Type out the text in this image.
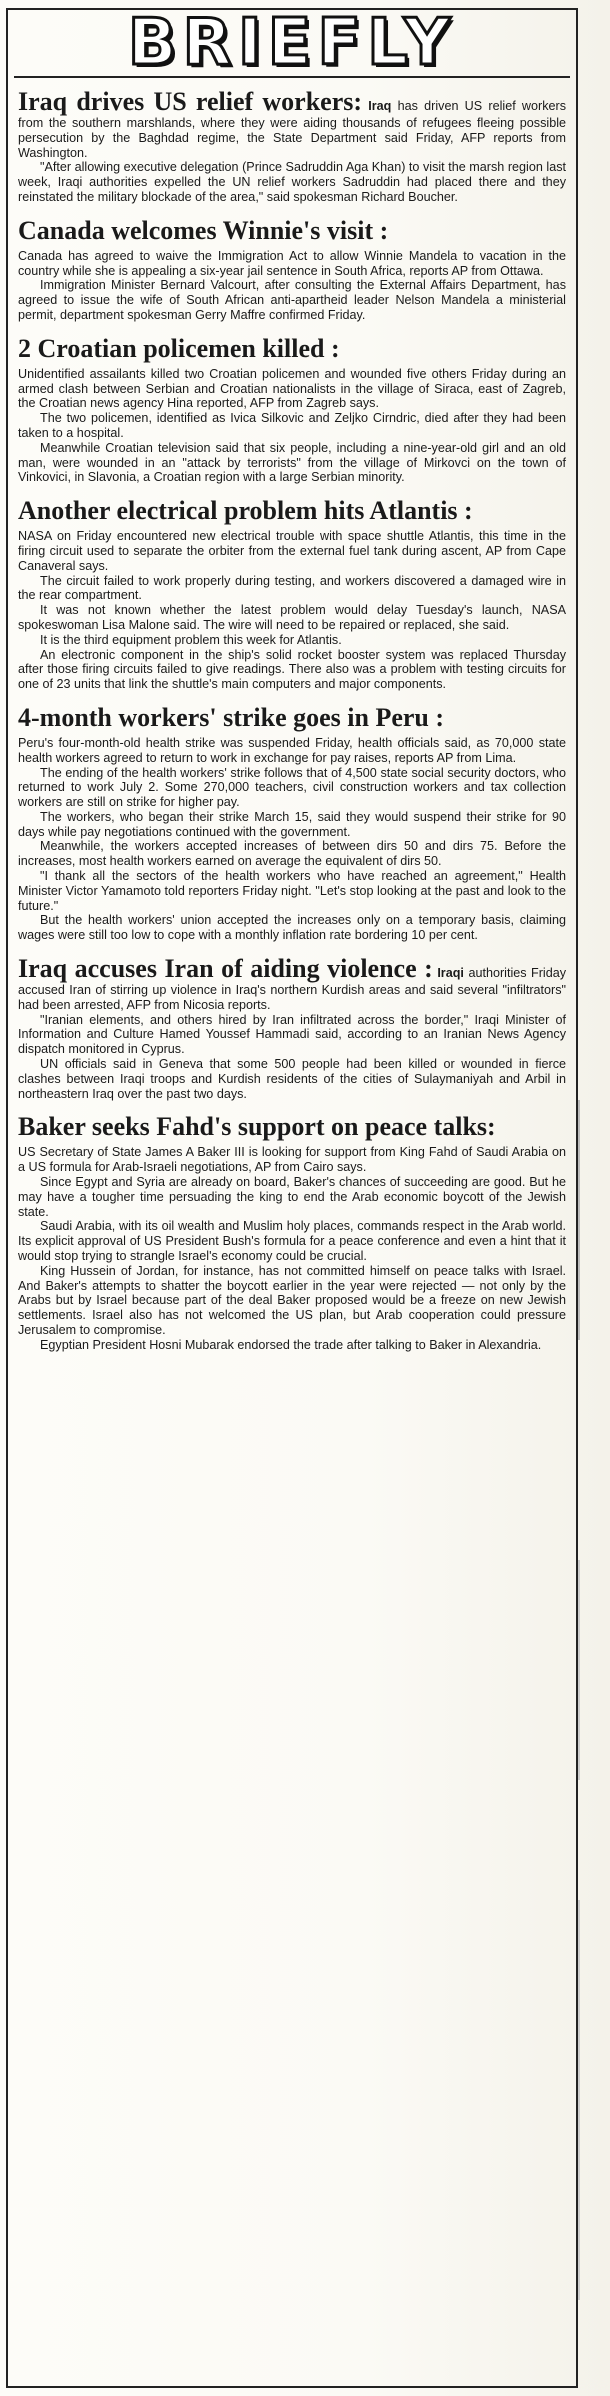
BRIEFLY

Iraq drives US relief workers: Iraq has driven US relief workers from the southern marshlands, where they were aiding thousands of refugees fleeing possible persecution by the Baghdad regime, the State Department said Friday, AFP reports from Washington.

"After allowing executive delegation (Prince Sadruddin Aga Khan) to visit the marsh region last week, Iraqi authorities expelled the UN relief workers Sadruddin had placed there and they reinstated the military blockade of the area," said spokesman Richard Boucher.

Canada welcomes Winnie's visit :

Canada has agreed to waive the Immigration Act to allow Winnie Mandela to vacation in the country while she is appealing a six-year jail sentence in South Africa, reports AP from Ottawa.

Immigration Minister Bernard Valcourt, after consulting the External Affairs Department, has agreed to issue the wife of South African anti-apartheid leader Nelson Mandela a ministerial permit, department spokesman Gerry Maffre confirmed Friday.

2 Croatian policemen killed :

Unidentified assailants killed two Croatian policemen and wounded five others Friday during an armed clash between Serbian and Croatian nationalists in the village of Siraca, east of Zagreb, the Croatian news agency Hina reported, AFP from Zagreb says.

The two policemen, identified as Ivica Silkovic and Zeljko Cirndric, died after they had been taken to a hospital.

Meanwhile Croatian television said that six people, including a nine-year-old girl and an old man, were wounded in an "attack by terrorists" from the village of Mirkovci on the town of Vinkovici, in Slavonia, a Croatian region with a large Serbian minority.

Another electrical problem hits Atlantis :

NASA on Friday encountered new electrical trouble with space shuttle Atlantis, this time in the firing circuit used to separate the orbiter from the external fuel tank during ascent, AP from Cape Canaveral says.

The circuit failed to work properly during testing, and workers discovered a damaged wire in the rear compartment.

It was not known whether the latest problem would delay Tuesday's launch, NASA spokeswoman Lisa Malone said. The wire will need to be repaired or replaced, she said.

It is the third equipment problem this week for Atlantis.

An electronic component in the ship's solid rocket booster system was replaced Thursday after those firing circuits failed to give readings. There also was a problem with testing circuits for one of 23 units that link the shuttle's main computers and major components.

4-month workers' strike goes in Peru :

Peru's four-month-old health strike was suspended Friday, health officials said, as 70,000 state health workers agreed to return to work in exchange for pay raises, reports AP from Lima.

The ending of the health workers' strike follows that of 4,500 state social security doctors, who returned to work July 2. Some 270,000 teachers, civil construction workers and tax collection workers are still on strike for higher pay.

The workers, who began their strike March 15, said they would suspend their strike for 90 days while pay negotiations continued with the government.

Meanwhile, the workers accepted increases of between dirs 50 and dirs 75. Before the increases, most health workers earned on average the equivalent of dirs 50.

"I thank all the sectors of the health workers who have reached an agreement," Health Minister Victor Yamamoto told reporters Friday night. "Let's stop looking at the past and look to the future."

But the health workers' union accepted the increases only on a temporary basis, claiming wages were still too low to cope with a monthly inflation rate bordering 10 per cent.

Iraq accuses Iran of aiding violence : Iraqi authorities Friday accused Iran of stirring up violence in Iraq's northern Kurdish areas and said several "infiltrators" had been arrested, AFP from Nicosia reports.

"Iranian elements, and others hired by Iran infiltrated across the border," Iraqi Minister of Information and Culture Hamed Youssef Hammadi said, according to an Iranian News Agency dispatch monitored in Cyprus.

UN officials said in Geneva that some 500 people had been killed or wounded in fierce clashes between Iraqi troops and Kurdish residents of the cities of Sulaymaniyah and Arbil in northeastern Iraq over the past two days.

Baker seeks Fahd's support on peace talks:

US Secretary of State James A Baker III is looking for support from King Fahd of Saudi Arabia on a US formula for Arab-Israeli negotiations, AP from Cairo says.

Since Egypt and Syria are already on board, Baker's chances of succeeding are good. But he may have a tougher time persuading the king to end the Arab economic boycott of the Jewish state.

Saudi Arabia, with its oil wealth and Muslim holy places, commands respect in the Arab world. Its explicit approval of US President Bush's formula for a peace conference and even a hint that it would stop trying to strangle Israel's economy could be crucial.

King Hussein of Jordan, for instance, has not committed himself on peace talks with Israel. And Baker's attempts to shatter the boycott earlier in the year were rejected — not only by the Arabs but by Israel because part of the deal Baker proposed would be a freeze on new Jewish settlements. Israel also has not welcomed the US plan, but Arab cooperation could pressure Jerusalem to compromise.

Egyptian President Hosni Mubarak endorsed the trade after talking to Baker in Alexandria.
